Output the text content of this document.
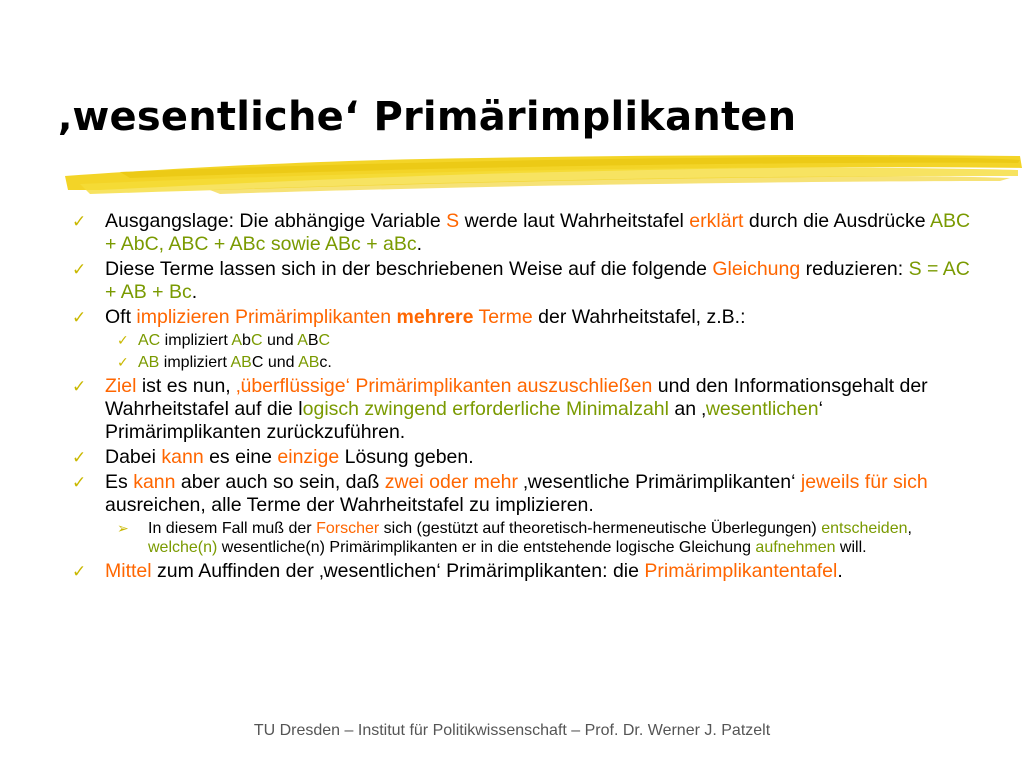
‚wesentliche‘ Primärimplikanten
✓ Ausgangslage: Die abhängige Variable S werde laut Wahrheitstafel erklärt durch die Ausdrücke ABC + AbC, ABC + ABc sowie ABc + aBc.
✓ Diese Terme lassen sich in der beschriebenen Weise auf die folgende Gleichung reduzieren: S = AC + AB + Bc.
✓ Oft implizieren Primärimplikanten mehrere Terme der Wahrheitstafel, z.B.:
✓ AC impliziert AbC und ABC
✓ AB impliziert ABC und ABc.
✓ Ziel ist es nun, ‚überflüssige‘ Primärimplikanten auszuschließen und den Informationsgehalt der Wahrheitstafel auf die logisch zwingend erforderliche Minimalzahl an ‚wesentlichen‘ Primärimplikanten zurückzuführen.
✓ Dabei kann es eine einzige Lösung geben.
✓ Es kann aber auch so sein, daß zwei oder mehr ‚wesentliche Primärimplikanten‘ jeweils für sich ausreichen, alle Terme der Wahrheitstafel zu implizieren.
➢ In diesem Fall muß der Forscher sich (gestützt auf theoretisch-hermeneutische Überlegungen) entscheiden, welche(n) wesentliche(n) Primärimplikanten er in die entstehende logische Gleichung aufnehmen will.
✓ Mittel zum Auffinden der ‚wesentlichen‘ Primärimplikanten: die Primärimplikantentafel.
TU Dresden – Institut für Politikwissenschaft – Prof. Dr. Werner J. Patzelt
